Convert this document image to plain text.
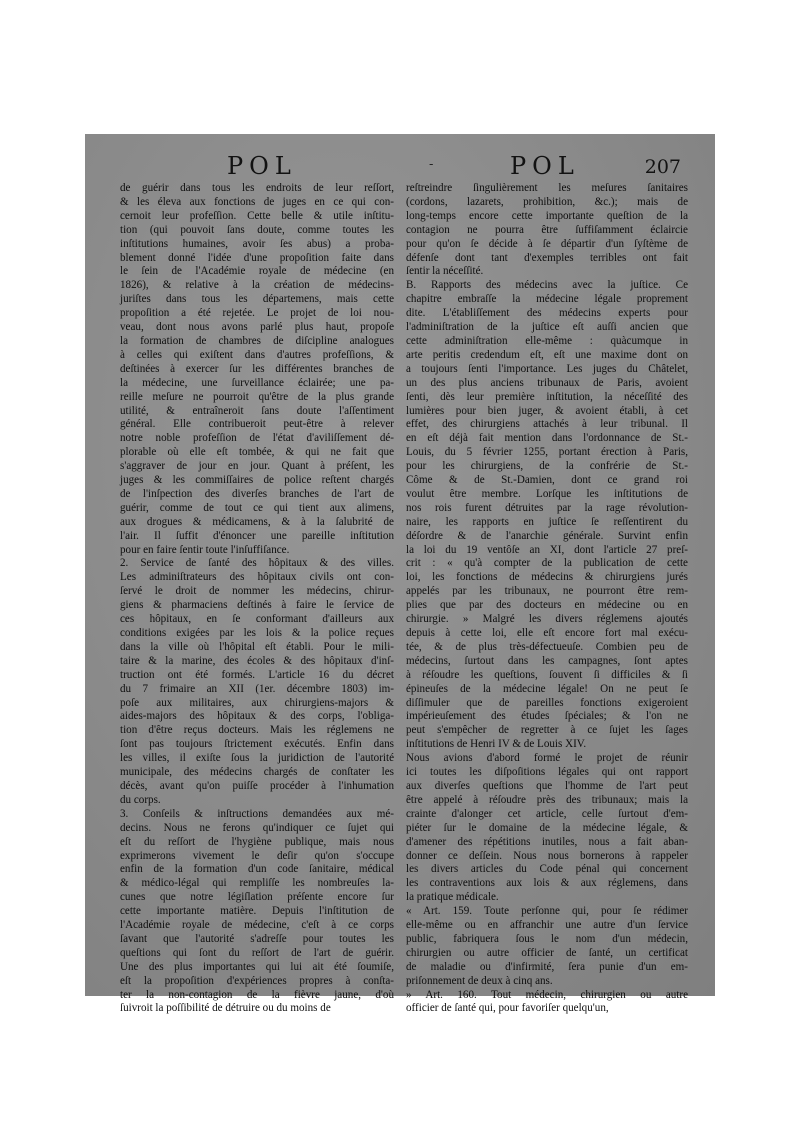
POL	-	POL	207
de guérir dans tous les endroits de leur reſſort,
& les éleva aux fonctions de juges en ce qui con-
cernoit leur profeſſion. Cette belle & utile inſtitu-
tion (qui pouvoit ſans doute, comme toutes les
inſtitutions humaines, avoir ſes abus) a proba-
blement donné l'idée d'une propoſition faite dans
le ſein de l'Académie royale de médecine (en
1826), & relative à la création de médecins-
juriſtes dans tous les départemens, mais cette
propoſition a été rejetée. Le projet de loi nou-
veau, dont nous avons parlé plus haut, propoſe
la formation de chambres de diſcipline analogues
à celles qui exiſtent dans d'autres profeſſions, &
deſtinées à exercer ſur les différentes branches de
la médecine, une ſurveillance éclairée; une pa-
reille meſure ne pourroit qu'être de la plus grande
utilité, & entraîneroit ſans doute l'aſſentiment
général. Elle contribueroit peut-être à relever
notre noble profeſſion de l'état d'aviliſſement dé-
plorable où elle eſt tombée, & qui ne fait que
s'aggraver de jour en jour. Quant à préſent, les
juges & les commiſſaires de police reſtent chargés
de l'inſpection des diverſes branches de l'art de
guérir, comme de tout ce qui tient aux alimens,
aux drogues & médicamens, & à la ſalubrité de
l'air. Il ſuffit d'énoncer une pareille inſtitution
pour en faire ſentir toute l'inſuffiſance.
2. Service de ſanté des hôpitaux & des villes.
Les adminiſtrateurs des hôpitaux civils ont con-
ſervé le droit de nommer les médecins, chirur-
giens & pharmaciens deſtinés à faire le ſervice de
ces hôpitaux, en ſe conformant d'ailleurs aux
conditions exigées par les lois & la police reçues
dans la ville où l'hôpital eſt établi. Pour le mili-
taire & la marine, des écoles & des hôpitaux d'inſ-
truction ont été formés. L'article 16 du décret
du 7 frimaire an XII (1er. décembre 1803) im-
poſe aux militaires, aux chirurgiens-majors &
aides-majors des hôpitaux & des corps, l'obliga-
tion d'être reçus docteurs. Mais les réglemens ne
ſont pas toujours ſtrictement exécutés. Enfin dans
les villes, il exiſte ſous la juridiction de l'autorité
municipale, des médecins chargés de conſtater les
décès, avant qu'on puiſſe procéder à l'inhumation
du corps.
3. Conſeils & inſtructions demandées aux mé-
decins. Nous ne ferons qu'indiquer ce ſujet qui
eſt du reſſort de l'hygiène publique, mais nous
exprimerons vivement le deſir qu'on s'occupe
enfin de la formation d'un code ſanitaire, médical
& médico-légal qui rempliſſe les nombreuſes la-
cunes que notre légiſlation préſente encore ſur
cette importante matière. Depuis l'inſtitution de
l'Académie royale de médecine, c'eſt à ce corps
ſavant que l'autorité s'adreſſe pour toutes les
queſtions qui ſont du reſſort de l'art de guérir.
Une des plus importantes qui lui ait été ſoumiſe,
eſt la propoſition d'expériences propres à conſta-
ter la non-contagion de la fièvre jaune, d'où
ſuivroit la poſſibilité de détruire ou du moins de
reſtreindre ſingulièrement les meſures ſanitaires
(cordons, lazarets, prohibition, &c.); mais de
long-temps encore cette importante queſtion de la
contagion ne pourra être ſuffiſamment éclaircie
pour qu'on ſe décide à ſe départir d'un ſyſtème de
défenſe dont tant d'exemples terribles ont fait
ſentir la néceſſité.
B. Rapports des médecins avec la juſtice. Ce
chapitre embraſſe la médecine légale proprement
dite. L'établiſſement des médecins experts pour
l'adminiſtration de la juſtice eſt auſſi ancien que
cette adminiſtration elle-même : quàcumque in
arte peritis credendum eſt, eſt une maxime dont on
a toujours ſenti l'importance. Les juges du Châtelet,
un des plus anciens tribunaux de Paris, avoient
ſenti, dès leur première inſtitution, la néceſſité des
lumières pour bien juger, & avoient établi, à cet
effet, des chirurgiens attachés à leur tribunal. Il
en eſt déjà fait mention dans l'ordonnance de St.-
Louis, du 5 février 1255, portant érection à Paris,
pour les chirurgiens, de la confrérie de St.-
Côme & de St.-Damien, dont ce grand roi
voulut être membre. Lorſque les inſtitutions de
nos rois furent détruites par la rage révolution-
naire, les rapports en juſtice ſe reſſentirent du
déſordre & de l'anarchie générale. Survint enfin
la loi du 19 ventôſe an XI, dont l'article 27 preſ-
crit : « qu'à compter de la publication de cette
loi, les fonctions de médecins & chirurgiens jurés
appelés par les tribunaux, ne pourront être rem-
plies que par des docteurs en médecine ou en
chirurgie. » Malgré les divers réglemens ajoutés
depuis à cette loi, elle eſt encore fort mal exécu-
tée, & de plus très-défectueuſe. Combien peu de
médecins, ſurtout dans les campagnes, ſont aptes
à réſoudre les queſtions, ſouvent ſi difficiles & ſi
épineuſes de la médecine légale! On ne peut ſe
diſſimuler que de pareilles fonctions exigeroient
impérieuſement des études ſpéciales; & l'on ne
peut s'empêcher de regretter à ce ſujet les ſages
inſtitutions de Henri IV & de Louis XIV.
Nous avions d'abord formé le projet de réunir
ici toutes les diſpoſitions légales qui ont rapport
aux diverſes queſtions que l'homme de l'art peut
être appelé à réſoudre près des tribunaux; mais la
crainte d'alonger cet article, celle ſurtout d'em-
piéter ſur le domaine de la médecine légale, &
d'amener des répétitions inutiles, nous a fait aban-
donner ce deſſein. Nous nous bornerons à rappeler
les divers articles du Code pénal qui concernent
les contraventions aux lois & aux réglemens, dans
la pratique médicale.
« Art. 159. Toute perſonne qui, pour ſe rédimer
elle-même ou en affranchir une autre d'un ſervice
public, fabriquera ſous le nom d'un médecin,
chirurgien ou autre officier de ſanté, un certificat
de maladie ou d'infirmité, ſera punie d'un em-
priſonnement de deux à cinq ans.
» Art. 160. Tout médecin, chirurgien ou autre
officier de ſanté qui, pour favoriſer quelqu'un,
